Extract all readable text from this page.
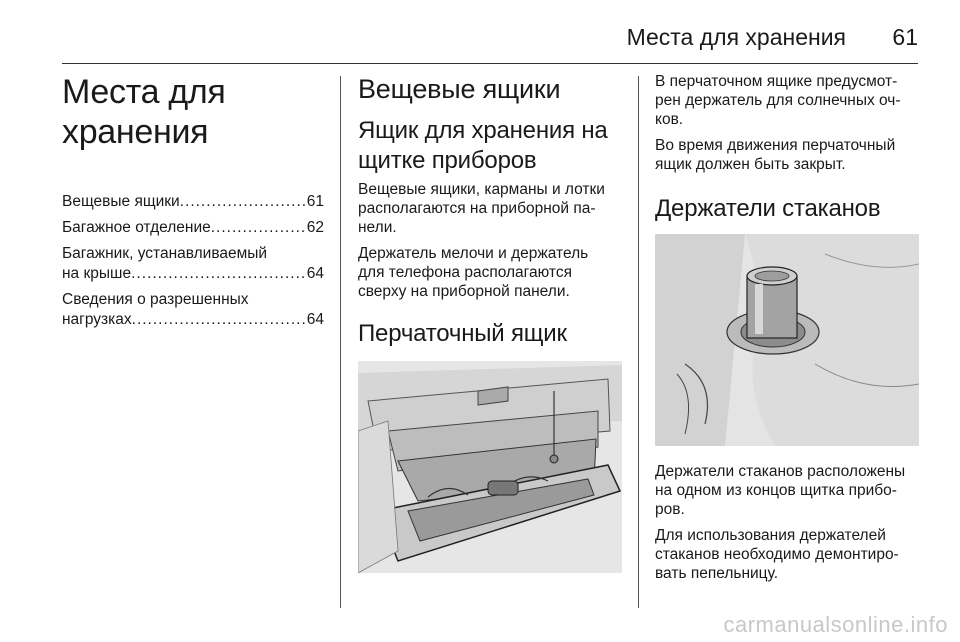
Места для хранения 61
Места для хранения
Вещевые ящики .....	61
Багажное отделение .....	62
Багажник, устанавливаемый
на крыше .....	64
Сведения о разрешенных
нагрузках .....	64
Вещевые ящики
Ящик для хранения на
щитке приборов

Вещевые ящики, карманы и лотки
располагаются на приборной па-
нели.

Держатель мелочи и держатель
для телефона располагаются
сверху на приборной панели.

Перчаточный ящик

В перчаточном ящике предусмот-
рен держатель для солнечных оч-
ков.

Во время движения перчаточный
ящик должен быть закрыт.

Держатели стаканов

Держатели стаканов расположены
на одном из концов щитка прибо-
ров.

Для использования держателей
стаканов необходимо демонтиро-
вать пепельницу.

carmanualsonline.info
